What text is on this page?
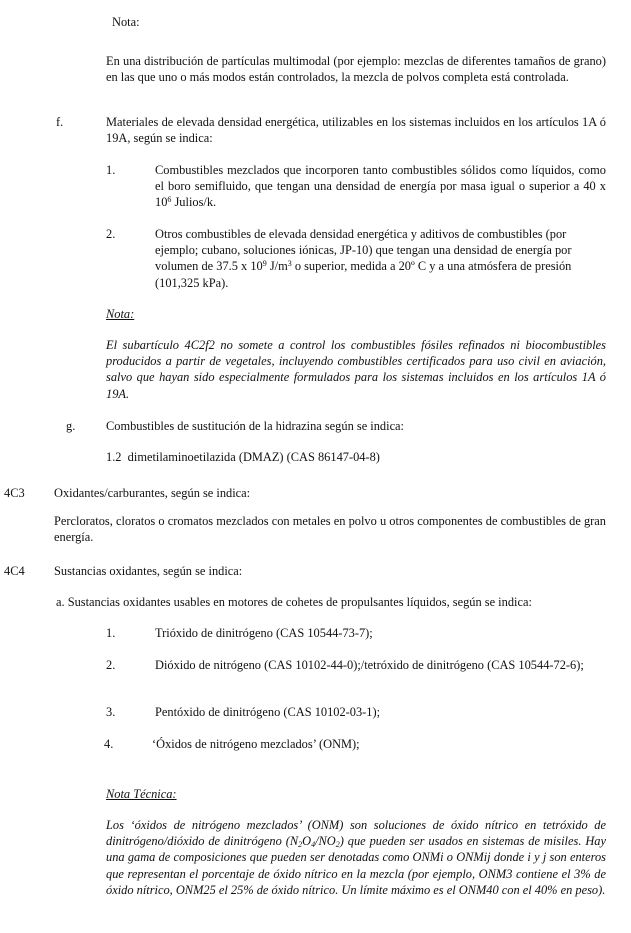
Nota:

En una distribución de partículas multimodal (por ejemplo: mezclas de diferentes tamaños de grano) en las que uno o más modos están controlados, la mezcla de polvos completa está controlada.

f.	Materiales de elevada densidad energética, utilizables en los sistemas incluidos en los artículos 1A ó 19A, según se indica:

1.	Combustibles mezclados que incorporen tanto combustibles sólidos como líquidos, como el boro semifluido, que tengan una densidad de energía por masa igual o superior a 40 x $10^6$ Julios/k.

2.	Otros combustibles de elevada densidad energética y aditivos de combustibles (por ejemplo; cubano, soluciones iónicas, JP-10) que tengan una densidad de energía por volumen de 37.5 x $10^9$ $J/m^3$ o superior, medida a 20º C y a una atmósfera de presión (101,325 kPa).

Nota:

El subartículo 4C2f2 no somete a control los combustibles fósiles refinados ni biocombustibles producidos a partir de vegetales, incluyendo combustibles certificados para uso civil en aviación, salvo que hayan sido especialmente formulados para los sistemas incluidos en los artículos 1A ó 19A.

g. Combustibles de sustitución de la hidrazina según se indica:

1.2  dimetilaminoetilazida (DMAZ) (CAS 86147-04-8)

4C3 Oxidantes/carburantes, según se indica:

Percloratos, cloratos o cromatos mezclados con metales en polvo u otros componentes de combustibles de gran energía.

4C4 Sustancias oxidantes, según se indica:

a. Sustancias oxidantes usables en motores de cohetes de propulsantes líquidos, según se indica:

1.	Trióxido de dinitrógeno (CAS 10544-73-7);

2.	Dióxido de nitrógeno (CAS 10102-44-0);/tetróxido de dinitrógeno (CAS 10544-72-6);

3.	Pentóxido de dinitrógeno (CAS 10102-03-1);

4.	‘Óxidos de nitrógeno mezclados’ (ONM);

Nota Técnica:

Los ‘óxidos de nitrógeno mezclados’ (ONM) son soluciones de óxido nítrico en tetróxido de dinitrógeno/dióxido de dinitrógeno $(N_2O_4/NO_2)$ que pueden ser usados en sistemas de misiles. Hay una gama de composiciones que pueden ser denotadas como ONMi o ONMij donde i y j son enteros que representan el porcentaje de óxido nítrico en la mezcla (por ejemplo, ONM3 contiene el 3% de óxido nítrico, ONM25 el 25% de óxido nítrico. Un límite máximo es el ONM40 con el 40% en peso).
